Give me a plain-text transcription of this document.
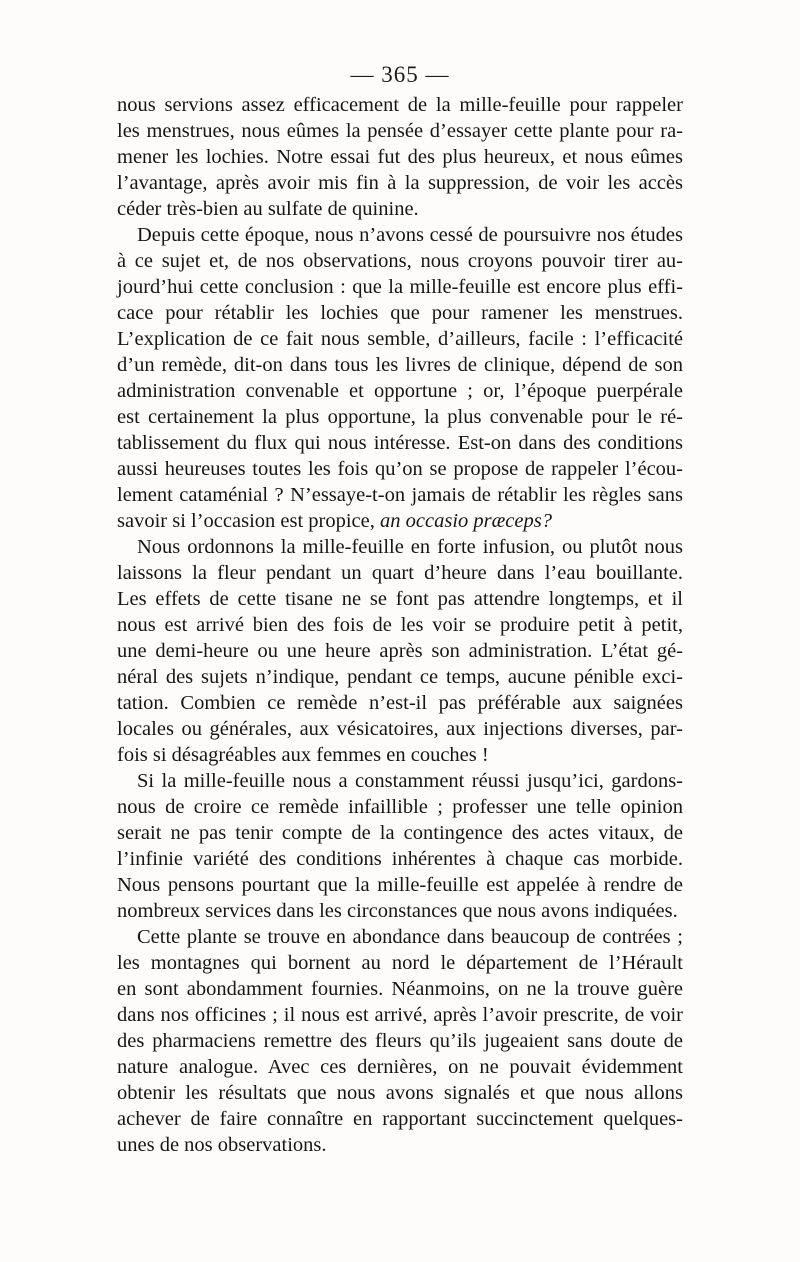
— 365 —
nous servions assez efficacement de la mille-feuille pour rappeler
les menstrues, nous eûmes la pensée d’essayer cette plante pour ra-
mener les lochies. Notre essai fut des plus heureux, et nous eûmes
l’avantage, après avoir mis fin à la suppression, de voir les accès
céder très-bien au sulfate de quinine.
Depuis cette époque, nous n’avons cessé de poursuivre nos études
à ce sujet et, de nos observations, nous croyons pouvoir tirer au-
jourd’hui cette conclusion : que la mille-feuille est encore plus effi-
cace pour rétablir les lochies que pour ramener les menstrues.
L’explication de ce fait nous semble, d’ailleurs, facile : l’efficacité
d’un remède, dit-on dans tous les livres de clinique, dépend de son
administration convenable et opportune ; or, l’époque puerpérale
est certainement la plus opportune, la plus convenable pour le ré-
tablissement du flux qui nous intéresse. Est-on dans des conditions
aussi heureuses toutes les fois qu’on se propose de rappeler l’écou-
lement cataménial ? N’essaye-t-on jamais de rétablir les règles sans
savoir si l’occasion est propice, an occasio præceps?
Nous ordonnons la mille-feuille en forte infusion, ou plutôt nous
laissons la fleur pendant un quart d’heure dans l’eau bouillante.
Les effets de cette tisane ne se font pas attendre longtemps, et il
nous est arrivé bien des fois de les voir se produire petit à petit,
une demi-heure ou une heure après son administration. L’état gé-
néral des sujets n’indique, pendant ce temps, aucune pénible exci-
tation. Combien ce remède n’est-il pas préférable aux saignées
locales ou générales, aux vésicatoires, aux injections diverses, par-
fois si désagréables aux femmes en couches !
Si la mille-feuille nous a constamment réussi jusqu’ici, gardons-
nous de croire ce remède infaillible ; professer une telle opinion
serait ne pas tenir compte de la contingence des actes vitaux, de
l’infinie variété des conditions inhérentes à chaque cas morbide.
Nous pensons pourtant que la mille-feuille est appelée à rendre de
nombreux services dans les circonstances que nous avons indiquées.
Cette plante se trouve en abondance dans beaucoup de contrées ;
les montagnes qui bornent au nord le département de l’Hérault
en sont abondamment fournies. Néanmoins, on ne la trouve guère
dans nos officines ; il nous est arrivé, après l’avoir prescrite, de voir
des pharmaciens remettre des fleurs qu’ils jugeaient sans doute de
nature analogue. Avec ces dernières, on ne pouvait évidemment
obtenir les résultats que nous avons signalés et que nous allons
achever de faire connaître en rapportant succinctement quelques-
unes de nos observations.
